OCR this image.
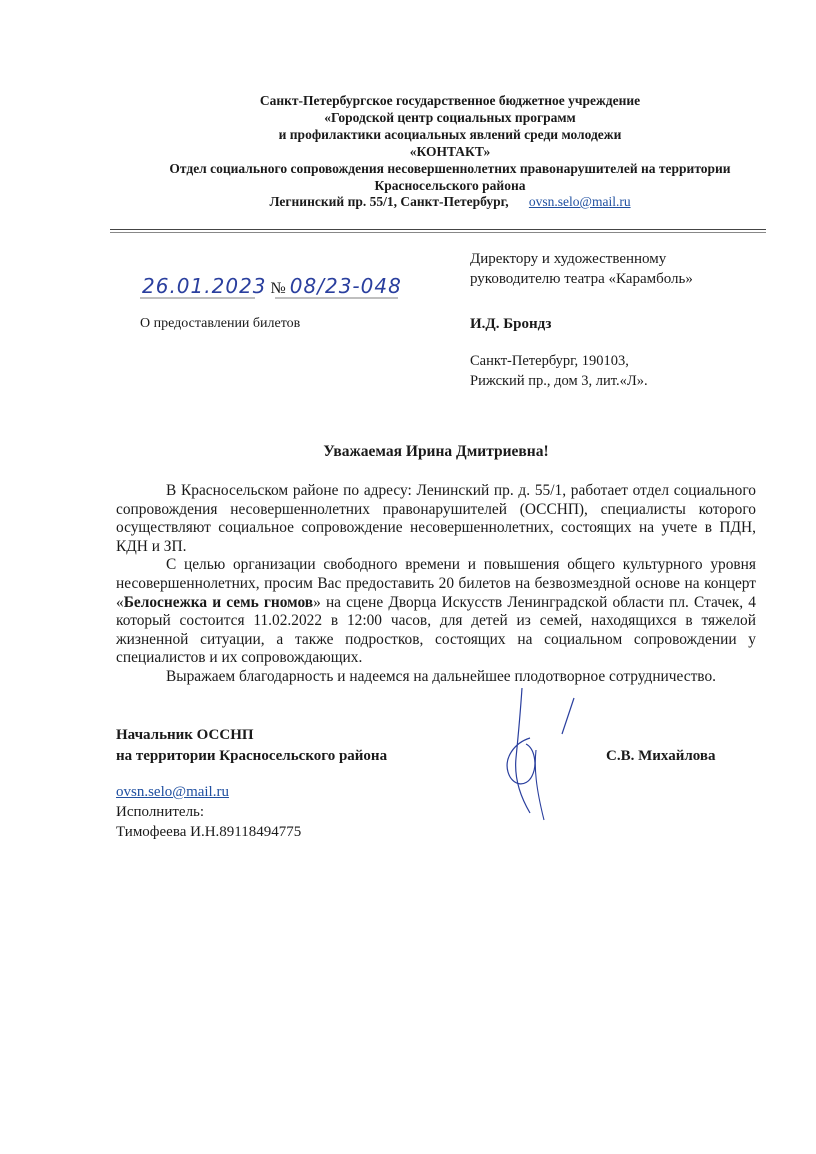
Санкт-Петербургское государственное бюджетное учреждение
«Городской центр социальных программ
и профилактики асоциальных явлений среди молодежи
«КОНТАКТ»
Отдел социального сопровождения несовершеннолетних правонарушителей на территории
Красносельского района
Легнинский пр. 55/1, Санкт-Петербург, ovsn.selo@mail.ru
26.01.2023 № 08/23-048
О предоставлении билетов
Директору и художественному
руководителю театра «Карамболь»
И.Д. Брондз
Санкт-Петербург, 190103,
Рижский пр., дом 3, лит.«Л».
Уважаемая Ирина Дмитриевна!

В Красносельском районе по адресу: Ленинский пр. д. 55/1, работает отдел социального сопровождения несовершеннолетних правонарушителей (ОССНП), специалисты которого осуществляют социальное сопровождение несовершеннолетних, состоящих на учете в ПДН, КДН и ЗП.

С целью организации свободного времени и повышения общего культурного уровня несовершеннолетних, просим Вас предоставить 20 билетов на безвозмездной основе на концерт «Белоснежка и семь гномов» на сцене Дворца Искусств Ленинградской области пл. Стачек, 4 который состоится 11.02.2022 в 12:00 часов, для детей из семей, находящихся в тяжелой жизненной ситуации, а также подростков, состоящих на социальном сопровождении у специалистов и их сопровождающих.

Выражаем благодарность и надеемся на дальнейшее плодотворное сотрудничество.

Начальник ОССНП
на территории Красносельского района	С.В. Михайлова
ovsn.selo@mail.ru
Исполнитель:
Тимофеева И.Н.89118494775
